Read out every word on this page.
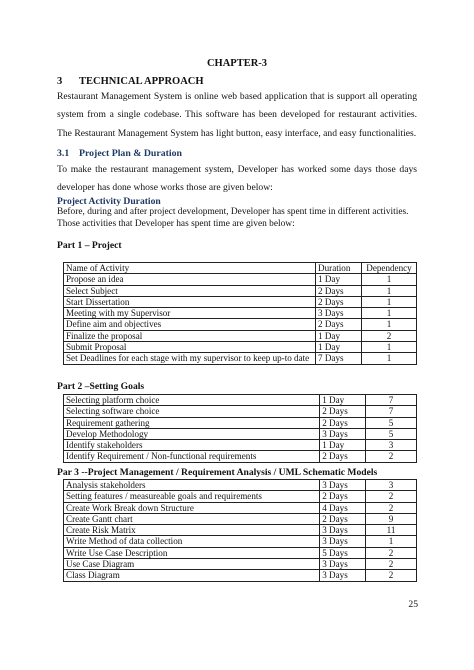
CHAPTER-3
3 TECHNICAL APPROACH
Restaurant Management System is online web based application that is support all operating system from a single codebase. This software has been developed for restaurant activities. The Restaurant Management System has light button, easy interface, and easy functionalities.
3.1 Project Plan & Duration
To make the restaurant management system, Developer has worked some days those days developer has done whose works those are given below:
Project Activity Duration
Before, during and after project development, Developer has spent time in different activities. Those activities that Developer has spent time are given below:
Part 1 – Project
Name of Activity	Duration	Dependency
Propose an idea	1 Day	1
Select Subject	2 Days	1
Start Dissertation	2 Days	1
Meeting with my Supervisor	3 Days	1
Define aim and objectives	2 Days	1
Finalize the proposal	1 Day	2
Submit Proposal	1 Day	1
Set Deadlines for each stage with my supervisor to keep up-to date	7 Days	1
Part 2 –Setting Goals
Selecting platform choice	1 Day	7
Selecting software choice	2 Days	7
Requirement gathering	2 Days	5
Develop Methodology	3 Days	5
Identify stakeholders	1 Day	3
Identify Requirement / Non-functional requirements	2 Days	2
Par 3 --Project Management / Requirement Analysis / UML Schematic Models
Analysis stakeholders	3 Days	3
Setting features / measureable goals and requirements	2 Days	2
Create Work Break down Structure	4 Days	2
Create Gantt chart	2 Days	9
Create Risk Matrix	3 Days	11
Write Method of data collection	3 Days	1
Write Use Case Description	5 Days	2
Use Case Diagram	3 Days	2
Class Diagram	3 Days	2
25
